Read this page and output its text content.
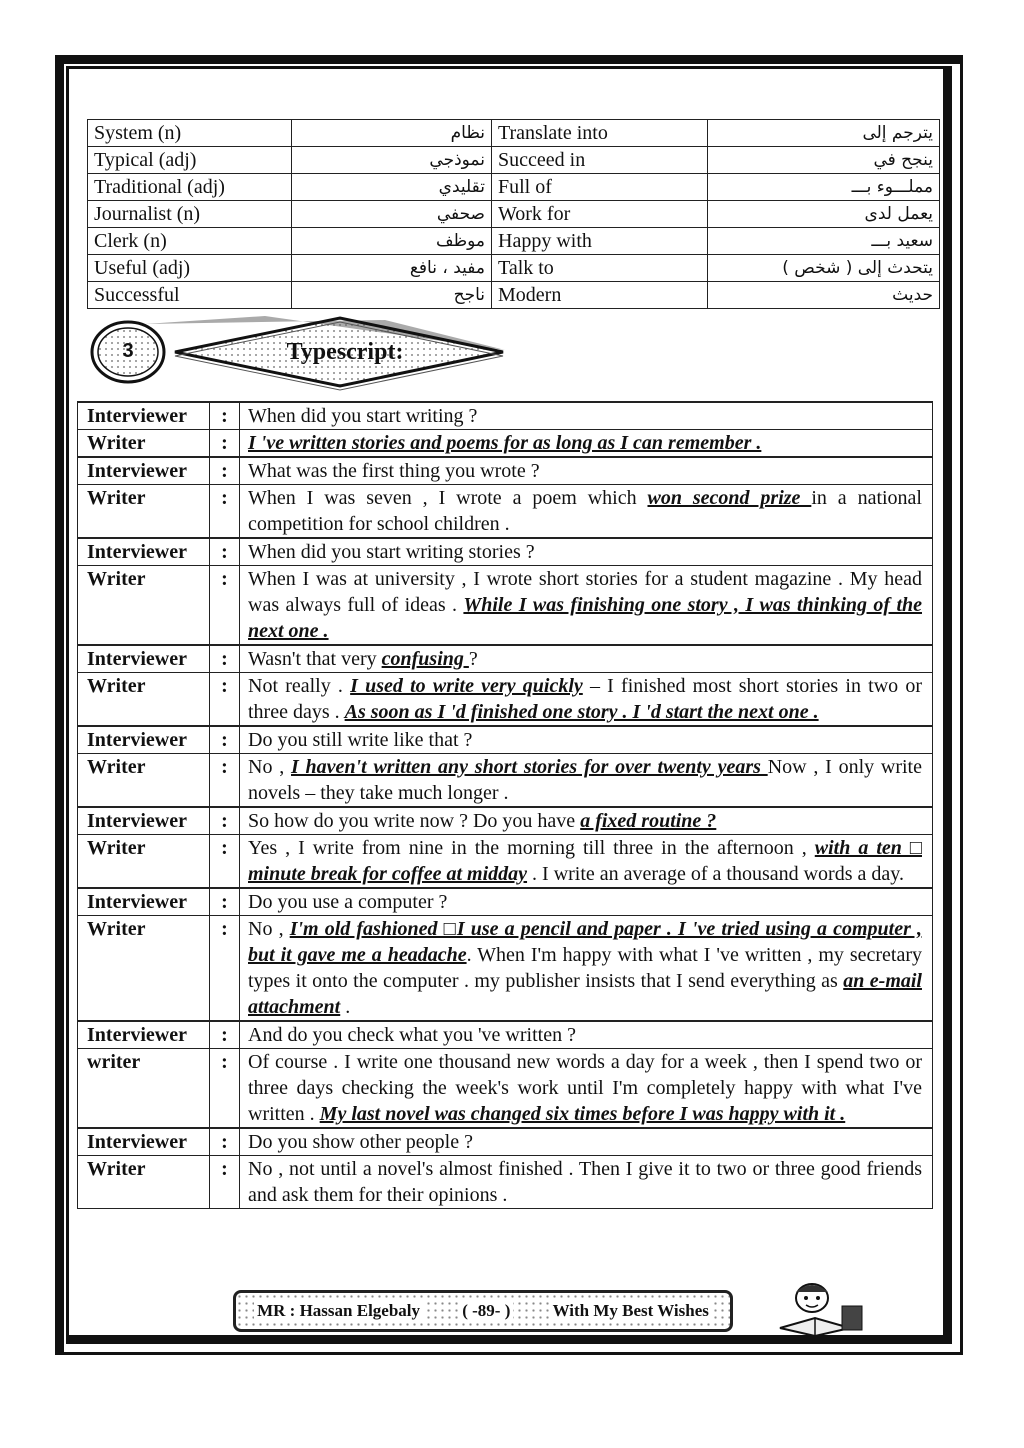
System (n)	نظام	Translate into	يترجم إلى
Typical (adj)	نموذجي	Succeed in	ينجح في
Traditional (adj)	تقليدي	Full of	مملـــوء بـــ
Journalist (n)	صحفي	Work for	يعمل لدى
Clerk (n)	موظف	Happy with	سعيد بـــ
Useful (adj)	مفيد ، نافع	Talk to	يتحدث إلى ( شخص )
Successful	ناجح	Modern	حديث
3	Typescript:
Interviewer	:	When did you start writing ?
Writer	:	I 've written stories and poems for as long as I can remember .
Interviewer	:	What was the first thing you wrote ?
Writer	:	When I was seven , I wrote a poem which won second prize in a national competition for school children .
Interviewer	:	When did you start writing stories ?
Writer	:	When I was at university , I wrote short stories for a student magazine . My head was always full of ideas . While I was finishing one story , I was thinking of the next one .
Interviewer	:	Wasn't that very confusing ?
Writer	:	Not really . I used to write very quickly – I finished most short stories in two or three days . As soon as I 'd finished one story . I 'd start the next one .
Interviewer	:	Do you still write like that ?
Writer	:	No , I haven't written any short stories for over twenty years Now , I only write novels – they take much longer .
Interviewer	:	So how do you write now ? Do you have a fixed routine ?
Writer	:	Yes , I write from nine in the morning till three in the afternoon , with a ten □ minute break for coffee at midday . I write an average of a thousand words a day.
Interviewer	:	Do you use a computer ?
Writer	:	No , I'm old fashioned □I use a pencil and paper . I 've tried using a computer , but it gave me a headache. When I'm happy with what I 've written , my secretary types it onto the computer . my publisher insists that I send everything as an e-mail attachment .
Interviewer	:	And do you check what you 've written ?
writer	:	Of course . I write one thousand new words a day for a week , then I spend two or three days checking the week's work until I'm completely happy with what I've written . My last novel was changed six times before I was happy with it .
Interviewer	:	Do you show other people ?
Writer	:	No , not until a novel's almost finished . Then I give it to two or three good friends and ask them for their opinions .
MR : Hassan Elgebaly ( -89- ) With My Best Wishes
